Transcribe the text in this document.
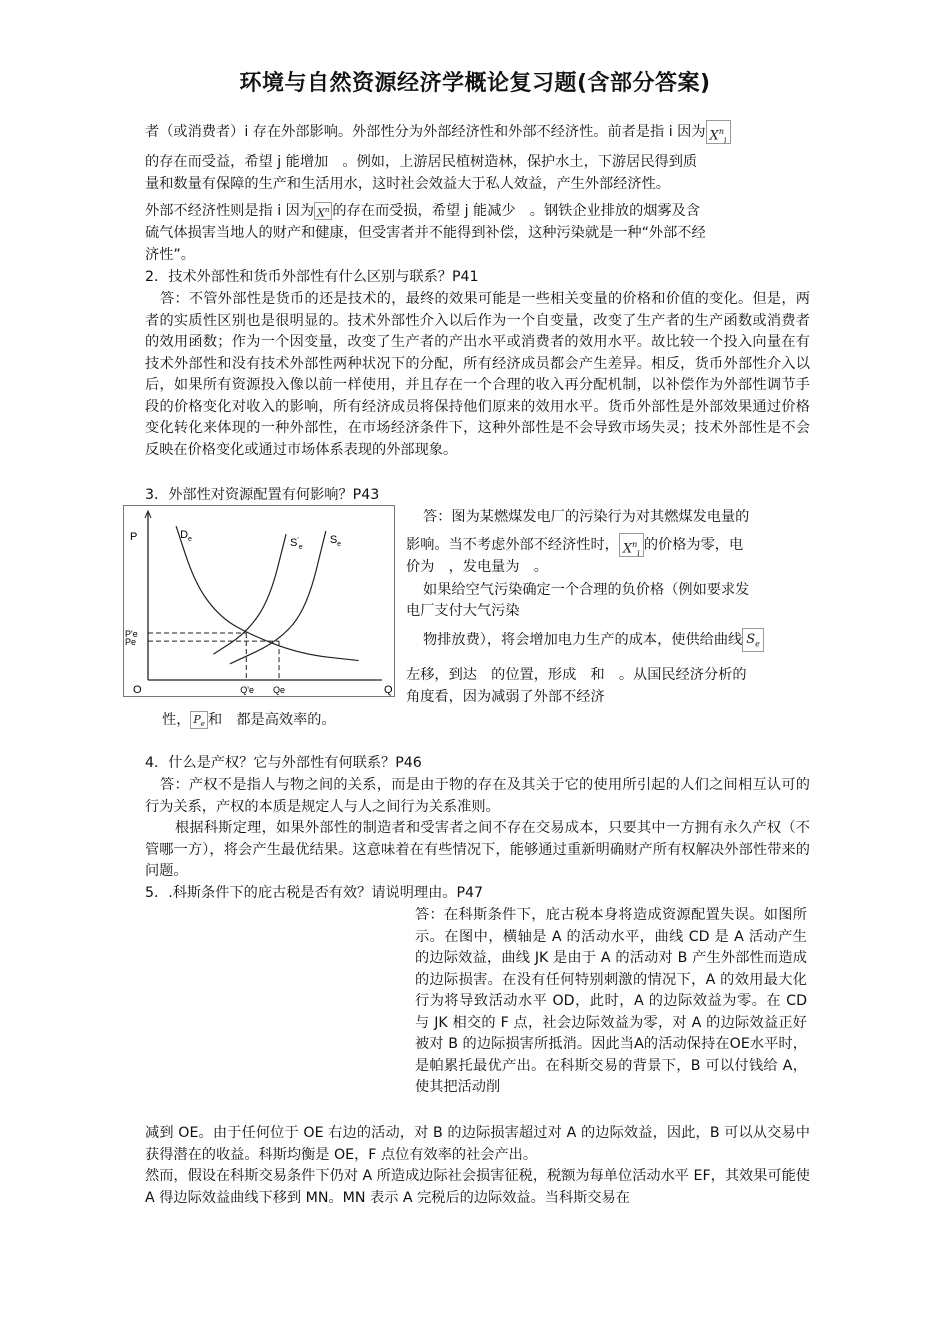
环境与自然资源经济学概论复习题(含部分答案)

者（或消费者）i 存在外部影响。外部性分为外部经济性和外部不经济性。前者是指 i 因为 $X^n_i$

的存在而受益，希望 j 能增加　。例如，上游居民植树造林，保护水土，下游居民得到质

量和数量有保障的生产和生活用水，这时社会效益大于私人效益，产生外部经济性。

外部不经济性则是指 i 因为 $X^n$ 的存在而受损，希望 j 能减少　。钢铁企业排放的烟雾及含

硫气体损害当地人的财产和健康，但受害者并不能得到补偿，这种污染就是一种“外部不经

济性”。

2．技术外部性和货币外部性有什么区别与联系？P41

答：不管外部性是货币的还是技术的，最终的效果可能是一些相关变量的价格和价值的变化。但是，两者的实质性区别也是很明显的。技术外部性介入以后作为一个自变量，改变了生产者的生产函数或消费者的效用函数；作为一个因变量，改变了生产者的产出水平或消费者的效用水平。故比较一个投入向量在有技术外部性和没有技术外部性两种状况下的分配，所有经济成员都会产生差异。相反，货币外部性介入以后，如果所有资源投入像以前一样使用，并且存在一个合理的收入再分配机制，以补偿作为外部性调节手段的价格变化对收入的影响，所有经济成员将保持他们原来的效用水平。货币外部性是外部效果通过价格变化转化来体现的一种外部性，在市场经济条件下，这种外部性是不会导致市场失灵；技术外部性是不会反映在价格变化或通过市场体系表现的外部现象。

3．外部性对资源配置有何影响？P43

P
Q
O
$D_e$	$S'_e$
$S_e$
Q'e
P'e
Qe
Pe

答：图为某燃煤发电厂的污染行为对其燃煤发电量的

影响。当不考虑外部不经济性时， $X^n_i$的价格为零，电

价为　，发电量为　。

如果给空气污染确定一个合理的负价格（例如要求发

电厂支付大气污染

物排放费），将会增加电力生产的成本，使供给曲线 $S_e$

左移，到达　的位置，形成　和　。从国民经济分析的

角度看，因为减弱了外部不经济

性， $P_e$ 和　都是高效率的。

4．什么是产权？它与外部性有何联系？P46

答：产权不是指人与物之间的关系，而是由于物的存在及其关于它的使用所引起的人们之间相互认可的行为关系，产权的本质是规定人与人之间行为关系准则。

根据科斯定理，如果外部性的制造者和受害者之间不存在交易成本，只要其中一方拥有永久产权（不管哪一方），将会产生最优结果。这意味着在有些情况下，能够通过重新明确财产所有权解决外部性带来的问题。

5．.科斯条件下的庇古税是否有效？请说明理由。P47

答：在科斯条件下，庇古税本身将造成资源配置失误。如图所示。在图中，横轴是 A 的活动水平，曲线 CD 是 A 活动产生的边际效益，曲线 JK 是由于 A 的活动对 B 产生外部性而造成的边际损害。在没有任何特别刺激的情况下，A 的效用最大化行为将导致活动水平 OD，此时，A 的边际效益为零。在 CD 与 JK 相交的 F 点，社会边际效益为零，对 A 的边际效益正好被对 B 的边际损害所抵消。因此当A的活动保持在OE水平时，是帕累托最优产出。在科斯交易的背景下，B 可以付钱给 A，使其把活动削

减到 OE。由于任何位于 OE 右边的活动，对 B 的边际损害超过对 A 的边际效益，因此，B 可以从交易中获得潜在的收益。科斯均衡是 OE，F 点位有效率的社会产出。

然而，假设在科斯交易条件下仍对 A 所造成边际社会损害征税，税额为每单位活动水平 EF，其效果可能使 A 得边际效益曲线下移到 MN。MN 表示 A 完税后的边际效益。当科斯交易在
